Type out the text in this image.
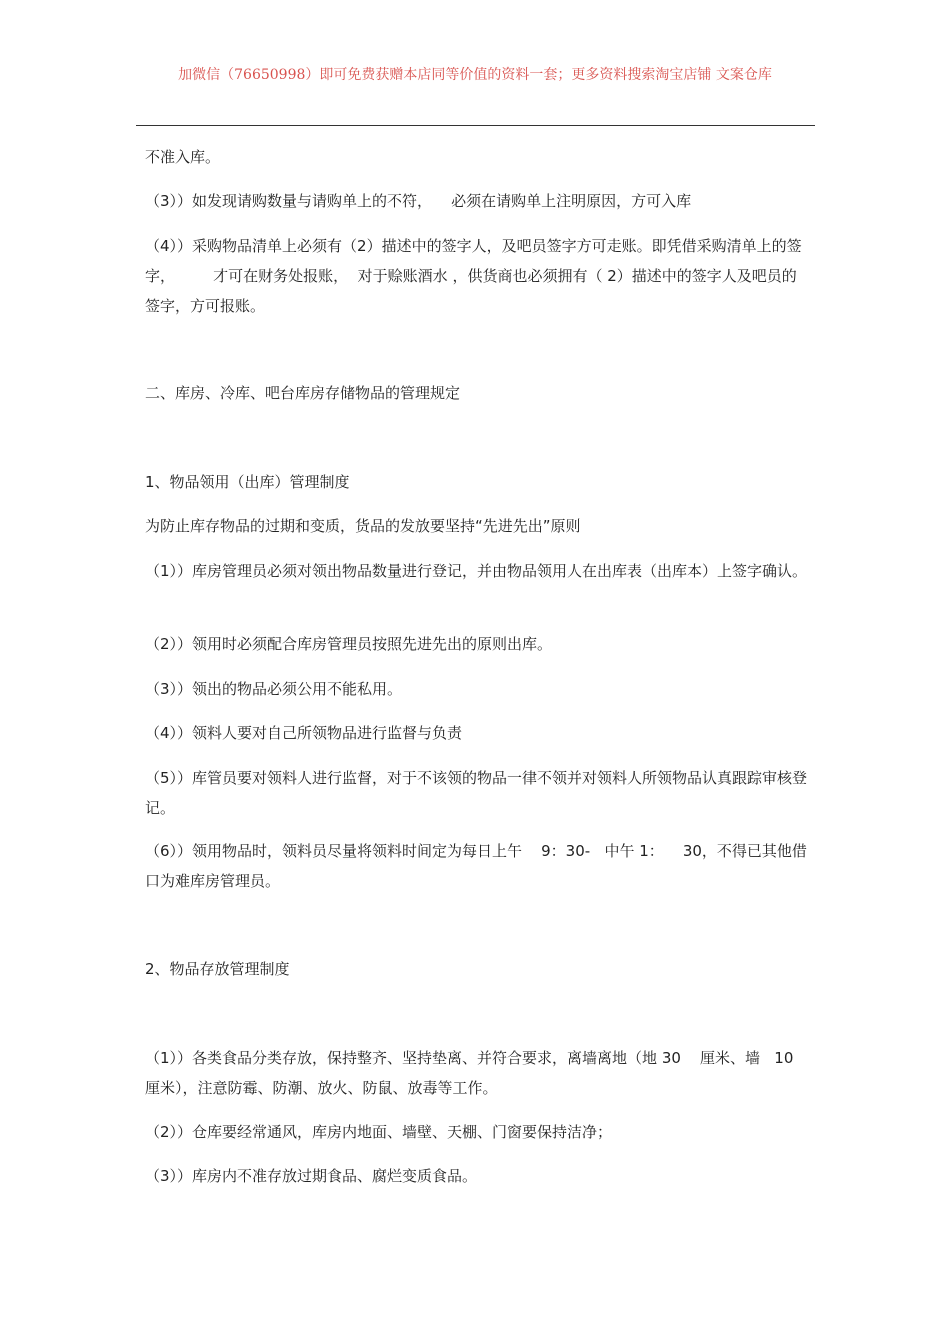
加微信（76650998）即可免费获赠本店同等价值的资料一套；更多资料搜索淘宝店铺 文案仓库
不准入库。
（3））如发现请购数量与请购单上的不符，    必须在请购单上注明原因，方可入库
（4））采购物品清单上必须有（2）描述中的签字人，及吧员签字方可走账。即凭借采购清单上的签字，        才可在财务处报账，  对于赊账酒水 ，供货商也必须拥有（ 2）描述中的签字人及吧员的签字，方可报账。
二、库房、冷库、吧台库房存储物品的管理规定
1、物品领用（出库）管理制度
为防止库存物品的过期和变质，货品的发放要坚持“先进先出”原则
（1））库房管理员必须对领出物品数量进行登记，并由物品领用人在出库表（出库本）上签字确认。
（2））领用时必须配合库房管理员按照先进先出的原则出库。
（3））领出的物品必须公用不能私用。
（4））领料人要对自己所领物品进行监督与负责
（5））库管员要对领料人进行监督，对于不该领的物品一律不领并对领料人所领物品认真跟踪审核登记。
（6））领用物品时，领料员尽量将领料时间定为每日上午    9：30-   中午 1：    30，不得已其他借口为难库房管理员。
2、物品存放管理制度
（1））各类食品分类存放，保持整齐、坚持垫离、并符合要求，离墙离地（地 30    厘米、墙   10  厘米），注意防霉、防潮、放火、防鼠、放毒等工作。
（2））仓库要经常通风，库房内地面、墙壁、天棚、门窗要保持洁净；
（3））库房内不准存放过期食品、腐烂变质食品。
